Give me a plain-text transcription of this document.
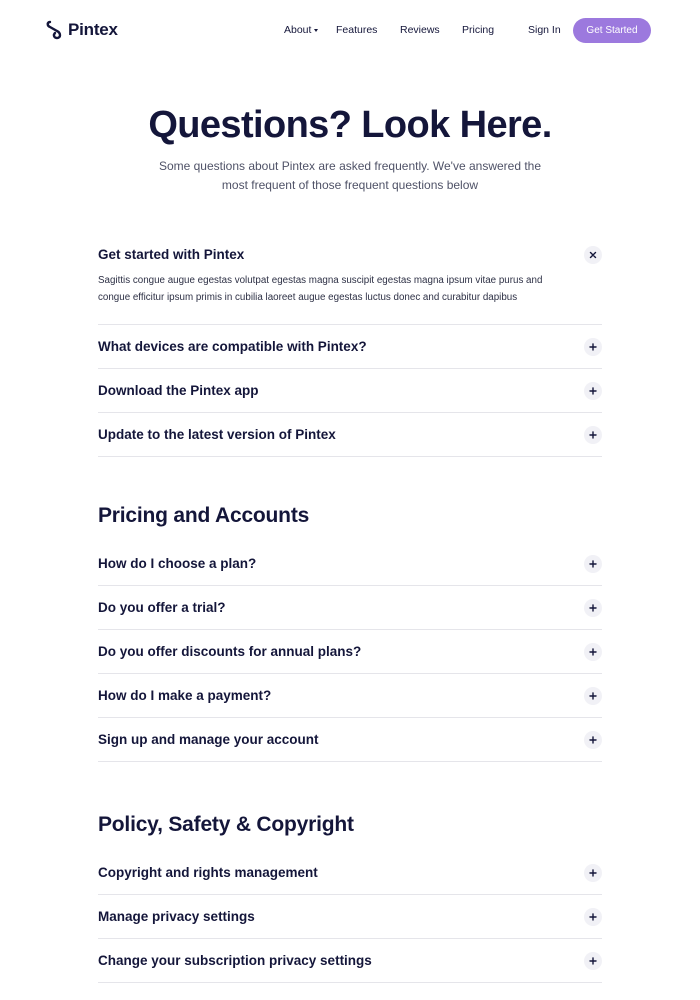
Pintex	About Features Reviews Pricing	Sign In	Get Started
Questions? Look Here.
Some questions about Pintex are asked frequently. We've answered the
most frequent of those frequent questions below
Get started with Pintex
Sagittis congue augue egestas volutpat egestas magna suscipit egestas magna ipsum vitae purus and
congue efficitur ipsum primis in cubilia laoreet augue egestas luctus donec and curabitur dapibus
What devices are compatible with Pintex?
Download the Pintex app
Update to the latest version of Pintex
Pricing and Accounts
How do I choose a plan?
Do you offer a trial?
Do you offer discounts for annual plans?
How do I make a payment?
Sign up and manage your account
Policy, Safety & Copyright
Copyright and rights management
Manage privacy settings
Change your subscription privacy settings
